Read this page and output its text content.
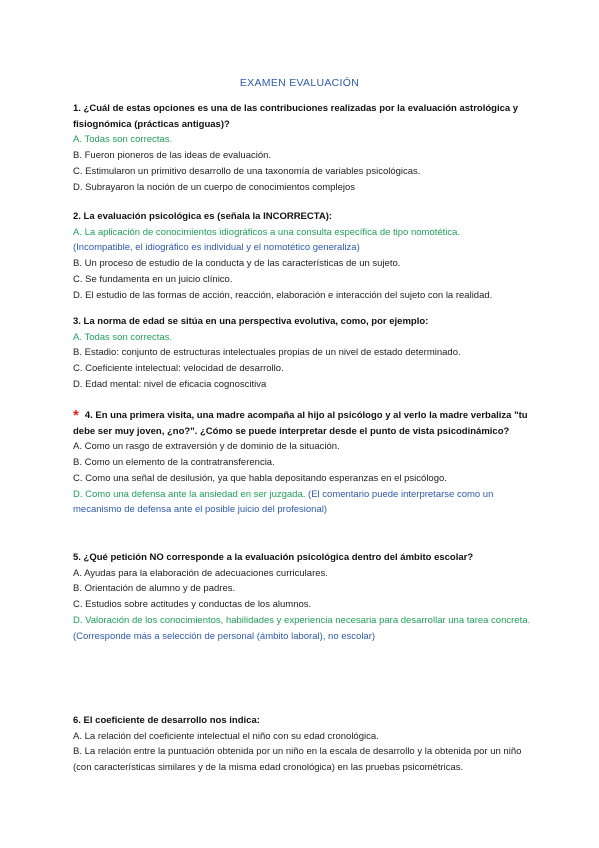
EXAMEN EVALUACIÓN
1. ¿Cuál de estas opciones es una de las contribuciones realizadas por la evaluación astrológica y fisiognómica (prácticas antiguas)?
A. Todas son correctas.
B. Fueron pioneros de las ideas de evaluación.
C. Estimularon un primitivo desarrollo de una taxonomía de variables psicológicas.
D. Subrayaron la noción de un cuerpo de conocimientos complejos
2. La evaluación psicológica es (señala la INCORRECTA):
A. La aplicación de conocimientos idiográficos a una consulta específica de tipo nomotética.
(Incompatible, el idiográfico es individual y el nomotético generaliza)
B. Un proceso de estudio de la conducta y de las características de un sujeto.
C. Se fundamenta en un juicio clínico.
D. El estudio de las formas de acción, reacción, elaboración e interacción del sujeto con la realidad.
3. La norma de edad se sitúa en una perspectiva evolutiva, como, por ejemplo:
A. Todas son correctas.
B. Estadio: conjunto de estructuras intelectuales propias de un nivel de estado determinado.
C. Coeficiente intelectual: velocidad de desarrollo.
D. Edad mental: nivel de eficacia cognoscitiva
* 4. En una primera visita, una madre acompaña al hijo al psicólogo y al verlo la madre verbaliza "tu debe ser muy joven, ¿no?". ¿Cómo se puede interpretar desde el punto de vista psicodinámico?
A. Como un rasgo de extraversión y de dominio de la situación.
B. Como un elemento de la contratransferencia.
C. Como una señal de desilusión, ya que habla depositando esperanzas en el psicólogo.
D. Como una defensa ante la ansiedad en ser juzgada. (El comentario puede interpretarse como un mecanismo de defensa ante el posible juicio del profesional)
5. ¿Qué petición NO corresponde a la evaluación psicológica dentro del ámbito escolar?
A. Ayudas para la elaboración de adecuaciones curriculares.
B. Orientación de alumno y de padres.
C. Estudios sobre actitudes y conductas de los alumnos.
D. Valoración de los conocimientos, habilidades y experiencia necesaria para desarrollar una tarea concreta. (Corresponde más a selección de personal (ámbito laboral), no escolar)
6. El coeficiente de desarrollo nos indica:
A. La relación del coeficiente intelectual el niño con su edad cronológica.
B. La relación entre la puntuación obtenida por un niño en la escala de desarrollo y la obtenida por un niño (con características similares y de la misma edad cronológica) en las pruebas psicométricas.
